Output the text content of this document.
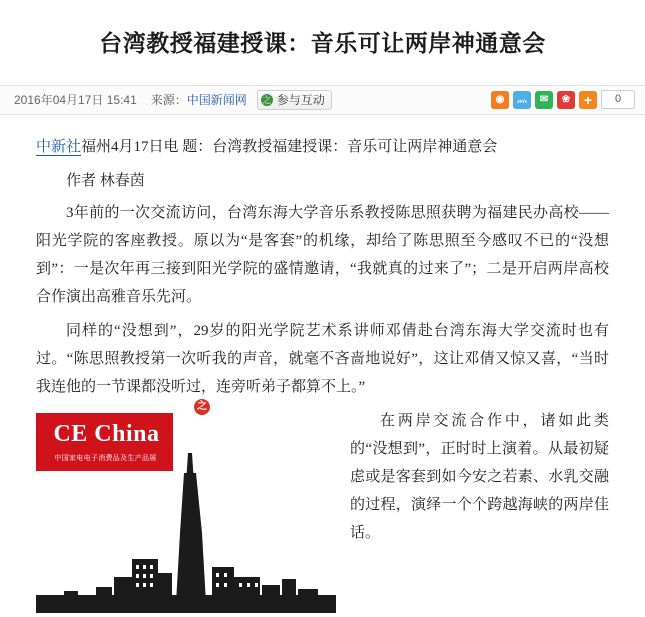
台湾教授福建授课：音乐可让两岸神通意会
2016年04月17日 15:41 来源：中国新闻网 之 参与互动	◉	灬	✉	❀ +	0
中新社福州4月17日电 题：台湾教授福建授课：音乐可让两岸神通意会
作者 林春茵

3年前的一次交流访问，台湾东海大学音乐系教授陈思照获聘为福建民办高校——阳光学院的客座教授。原以为“是客套”的机缘，却给了陈思照至今感叹不已的“没想到”：一是次年再三接到阳光学院的盛情邀请，“我就真的过来了”；二是开启两岸高校合作演出高雅音乐先河。

同样的“没想到”，29岁的阳光学院艺术系讲师邓倩赴台湾东海大学交流时也有过。“陈思照教授第一次听我的声音，就毫不吝啬地说好”，这让邓倩又惊又喜，“当时我连他的一节课都没听过，连旁听弟子都算不上。”

之
CE China
中国家电电子消费品及生产品展

在两岸交流合作中，诸如此类的“没想到”，正时时上演着。从最初疑虑或是客套到如今安之若素、水乳交融的过程，演绎一个个跨越海峡的两岸佳话。
